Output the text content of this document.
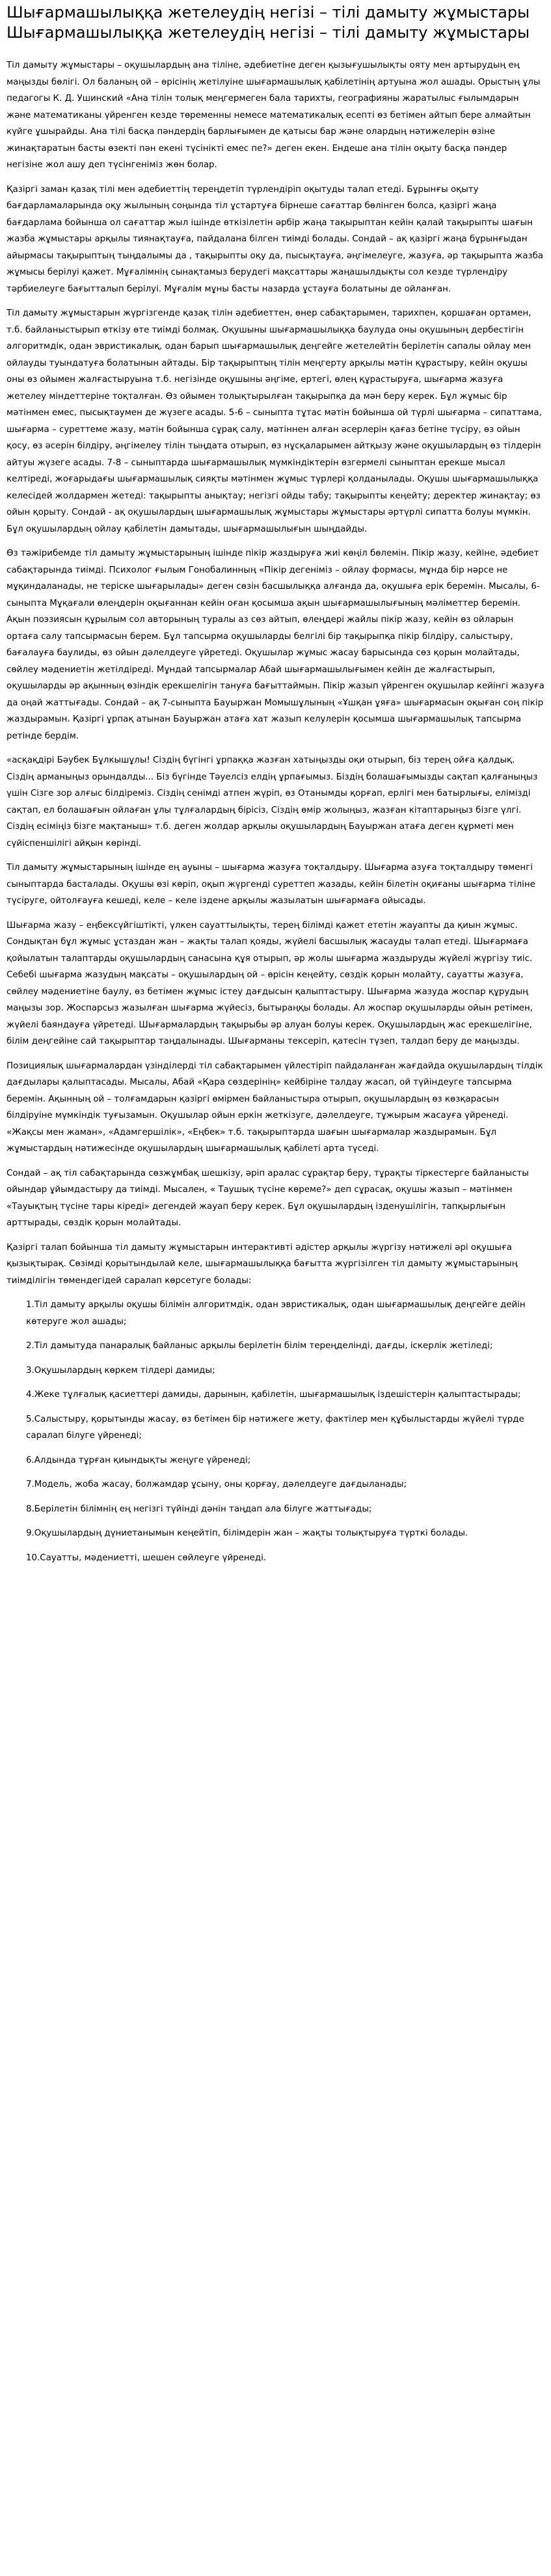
Шығармашылыққа жетелеудің негізі – тілі дамыту жұмыстары Шығармашылыққа жетелеудің негізі – тілі дамыту жұмыстары

Тіл дамыту жұмыстары – оқушылардың ана тіліне, әдебиетіне деген қызығушылықты ояту мен артырудың ең маңызды бөлігі. Ол баланың ой – өрісінің жетілуіне шығармашылық қабілетінің артуына жол ашады. Орыстың ұлы педагогы К. Д. Ушинский «Ана тілін толық меңгермеген бала тарихты, географияны жаратылыс ғылымдарын және математиканы үйренген кезде төременны немесе математикалық есепті өз бетімен айтып бере алмайтын күйге ұшырайды. Ана тілі басқа пәндердің барлығымен де қатысы бар және олардың нәтижелерін өзіне жинақтаратын басты өзекті пән екені түсінікті емес пе?» деген екен. Ендеше ана тілін оқыту басқа пәндер негізіне жол ашу деп түсінгеніміз жөн болар.

Қазіргі заман қазақ тілі мен әдебиеттің тереңдетіп түрлендіріп оқытуды талап етеді. Бұрынғы оқыту бағдарламаларында оқу жылының соңында тіл ұстартуға бірнеше сағаттар бөлінген болса, қазіргі жаңа бағдарлама бойынша ол сағаттар жыл ішінде өткізілетін әрбір жаңа тақырыптан кейін қалай тақырыпты шағын жазба жұмыстары арқылы тиянақтауға, пайдалана білген тиімді болады. Сондай – ақ қазіргі жаңа бұрынғыдан айырмасы тақырыптың тыңдалымы да , тақырыпты оқу да, пысықтауға, әңгімелеуге, жазуға, әр тақырыпта жазба жұмысы берілуі қажет. Мұғалімнің сынақтамыз берудегі мақсаттары жаңашылдықты сол кезде түрлендіру тәрбиелеуге бағытталып берілуі. Мұғалім мұны басты назарда ұстауға болатыны де ойланған.

Тіл дамыту жұмыстарын жүргізгенде қазақ тілін әдебиеттен, өнер сабақтарымен, тарихпен, қоршаған ортамен, т.б. байланыстырып өткізу өте тиімді болмақ. Оқушыны шығармашылыққа баулуда оны оқушының дербестігін алгоритмдік, одан эвристикалық, одан барып шығармашылық деңгейге жетелейтін берілетін сапалы ойлау мен ойлауды туындатуға болатынын айтады. Бір тақырыптың тілін меңгерту арқылы мәтін құрастыру, кейін оқушы оны өз ойымен жалғастыруына т.б. негізінде оқушыны әңгіме, ертегі, өлең құрастыруға, шығарма жазуға жетелеу міндеттеріне тоқталған. Өз ойымен толықтырылған тақырыпқа да мән беру керек. Бұл жұмыс бір мәтінмен емес, пысықтаумен де жүзеге асады. 5-6 – сыныпта тұтас мәтін бойынша ой түрлі шығарма – сипаттама, шығарма – суреттеме жазу, мәтін бойынша сұрақ салу, мәтіннен алған әсерлерін қағаз бетіне түсіру, өз ойын қосу, өз әсерін білдіру, әңгімелеу тілін тыңдата отырып, өз нұсқаларымен айтқызу және оқушылардың өз тілдерін айтуы жүзеге асады. 7-8 – сыныптарда шығармашылық мүмкіндіктерін өзгермелі сыныптан ерекше мысал келтіреді, жоғарыдағы шығармашылық сияқты мәтінмен жұмыс түрлері қолданылады. Оқушы шығармашылыққа келесідей жолдармен жетеді: тақырыпты анықтау; негізгі ойды табу; тақырыпты кеңейту; деректер жинақтау; өз ойын қорыту. Сондай - ақ оқушылардың шығармашылық жұмыстары жұмыстары әртүрлі сипатта болуы мүмкін. Бұл оқушылардың ойлау қабілетін дамытады, шығармашылығын шыңдайды.

Өз тәжірибемде тіл дамыту жұмыстарының ішінде пікір жаздыруға жиі көңіл бөлемін. Пікір жазу, кейіне, әдебиет сабақтарында тиімді. Психолог ғылым Гонобалинның «Пікір дегеніміз – ойлау формасы, мұнда бір нәрсе не мұқиндаланады, не теріске шығарылады» деген сөзін басшылыққа алғанда да, оқушыға ерік беремін. Мысалы, 6-сыныпта Мұқағали өлеңдерін оқығаннан кейін оған қосымша ақын шығармашылығының мәліметтер беремін. Ақын поэзиясын құрылым сол авторының туралы аз сөз айтып, өлеңдері жайлы пікір жазу, кейін өз ойларын ортаға салу тапсырмасын берем. Бұл тапсырма оқушыларды белгілі бір тақырыпқа пікір білдіру, салыстыру, бағалауға баулиды, өз ойын дәлелдеуге үйретеді. Оқушылар жұмыс жасау барысында сөз қорын молайтады, сөйлеу мәдениетін жетілдіреді. Мұндай тапсырмалар Абай шығармашылығымен кейін де жалғастырып, оқушыларды әр ақынның өзіндік ерекшелігін тануға бағыттаймын. Пікір жазып үйренген оқушылар кейінгі жазуға да оңай жаттығады. Сондай – ақ 7-сыныпта Бауыржан Момышұлының «Ұшқан ұяға» шығармасын оқыған соң пікір жаздырамын. Қазіргі ұрпақ атынан Бауыржан атаға хат жазып келулерін қосымша шығармашылық тапсырма ретінде бердім.

«асқақдірі Бәубек Бұлкышұлы! Сіздің бүгінгі ұрпаққа жазған хатыңызды оқи отырып, біз терең ойға қалдық. Сіздің арманыңыз орындалды... Біз бүгінде Тәуелсіз елдің ұрпағымыз. Біздің болашағымызды сақтап қалғаныңыз үшін Сізге зор алғыс білдіреміз. Сіздің сенімді атпен жүріп, өз Отанымды қорғап, ерлігі мен батырлығы, елімізді сақтап, ел болашағын ойлаған ұлы тұлғалардың бірісіз, Сіздің өмір жолыңыз, жазған кітаптарыңыз бізге үлгі. Сіздің есіміңіз бізге мақтаныш» т.б. деген жолдар арқылы оқушылардың Бауыржан атаға деген құрметі мен сүйіспеншілігі айқын көрінді.

Тіл дамыту жұмыстарының ішінде ең ауыны – шығарма жазуға тоқталдыру. Шығарма азуға тоқталдыру төменгі сыныптарда басталады. Оқушы өзі көріп, оқып жүргенді суреттеп жазады, кейін білетін оқиғаны шығарма тіліне түсіруге, ойтолғауға кешеді, келе – келе іздене арқылы жазылатын шығармаға ойысады.

Шығарма жазу – еңбексүйгіштікті, үлкен сауаттылықты, терең білімді қажет ететін жауапты да қиын жұмыс. Сондықтан бұл жұмыс ұстаздан жан – жақты талап қояды, жүйелі басшылық жасауды талап етеді. Шығармаға қойылатын талаптарды оқушылардың санасына құя отырып, әр жолы шығарма жаздыруды жүйелі жүргізу тиіс. Себебі шығарма жазудың мақсаты – оқушылардың ой – өрісін кеңейту, сөздік қорын молайту, сауатты жазуға, сөйлеу мәдениетіне баулу, өз бетімен жұмыс істеу дағдысын қалыптастыру. Шығарма жазуда жоспар құрудың маңызы зор. Жоспарсыз жазылған шығарма жүйесіз, бытыраңқы болады. Ал жоспар оқушыларды ойын ретімен, жүйелі баяндауға үйретеді. Шығармалардың тақырыбы әр алуан болуы керек. Оқушылардың жас ерекшелігіне, білім деңгейіне сай тақырыптар таңдалынады. Шығарманы тексеріп, қатесін түзеп, талдап беру де маңызды.

Позициялық шығармалардан үзінділерді тіл сабақтарымен үйлестіріп пайдаланған жағдайда оқушылардың тілдік дағдылары қалыптасады. Мысалы, Абай «Қара сөздерінің» кейбіріне талдау жасап, ой түйіндеуге тапсырма беремін. Ақынның ой – толғамдарын қазіргі өмірмен байланыстыра отырып, оқушылардың өз көзқарасын білдіруіне мүмкіндік туғызамын. Оқушылар ойын еркін жеткізуге, дәлелдеуге, тұжырым жасауға үйренеді. «Жақсы мен жаман», «Адамгершілік», «Еңбек» т.б. тақырыптарда шағын шығармалар жаздырамын. Бұл жұмыстардың нәтижесінде оқушылардың шығармашылық қабілеті арта түседі.

Сондай – ақ тіл сабақтарында сөзжұмбақ шешкізу, әріп аралас сұрақтар беру, тұрақты тіркестерге байланысты ойындар ұйымдастыру да тиімді. Мысален, « Таушық түсіне көреме?» деп сұрасақ, оқушы жазып – мәтінмен «Тауықтың түсіне тары кіреді» дегендей жауап беру керек. Бұл оқушылардың ізденушілігін, тапқырлығын арттырады, сөздік қорын молайтады.

Қазіргі талап бойынша тіл дамыту жұмыстарын интерактивті әдістер арқылы жүргізу нәтижелі әрі оқушыға қызықтырақ. Сөзімді қорытындылай келе, шығармашылыққа бағытта жүргізілген тіл дамыту жұмыстарының тиімділігін төмендегідей саралап көрсетуге болады:

1.Тіл дамыту арқылы оқушы білімін алгоритмдік, одан эвристикалық, одан шығармашылық деңгейге дейін көтеруге жол ашады;

2.Тіл дамытуда панаралық байланыс арқылы берілетін білім тереңделінді, дағды, іскерлік жетіледі;

3.Оқушылардың көркем тілдері дамиды;

4.Жеке тұлғалық қасиеттері дамиды, дарынын, қабілетін, шығармашылық іздешістерін қалыптастырады;

5.Салыстыру, қорытынды жасау, өз бетімен бір нәтижеге жету, фактілер мен құбылыстарды жүйелі түрде саралап білуге үйренеді;

6.Алдында тұрған қиындықты жеңуге үйренеді;

7.Модель, жоба жасау, болжамдар ұсыну, оны қорғау, дәлелдеуге дағдыланады;

8.Берілетін білімнің ең негізгі түйінді дәнін таңдап ала білуге жаттығады;

9.Оқушылардың дүниетанымын кеңейтіп, білімдерін жан – жақты толықтыруға түрткі болады.

10.Сауатты, мәдениетті, шешен сөйлеуге үйренеді.
